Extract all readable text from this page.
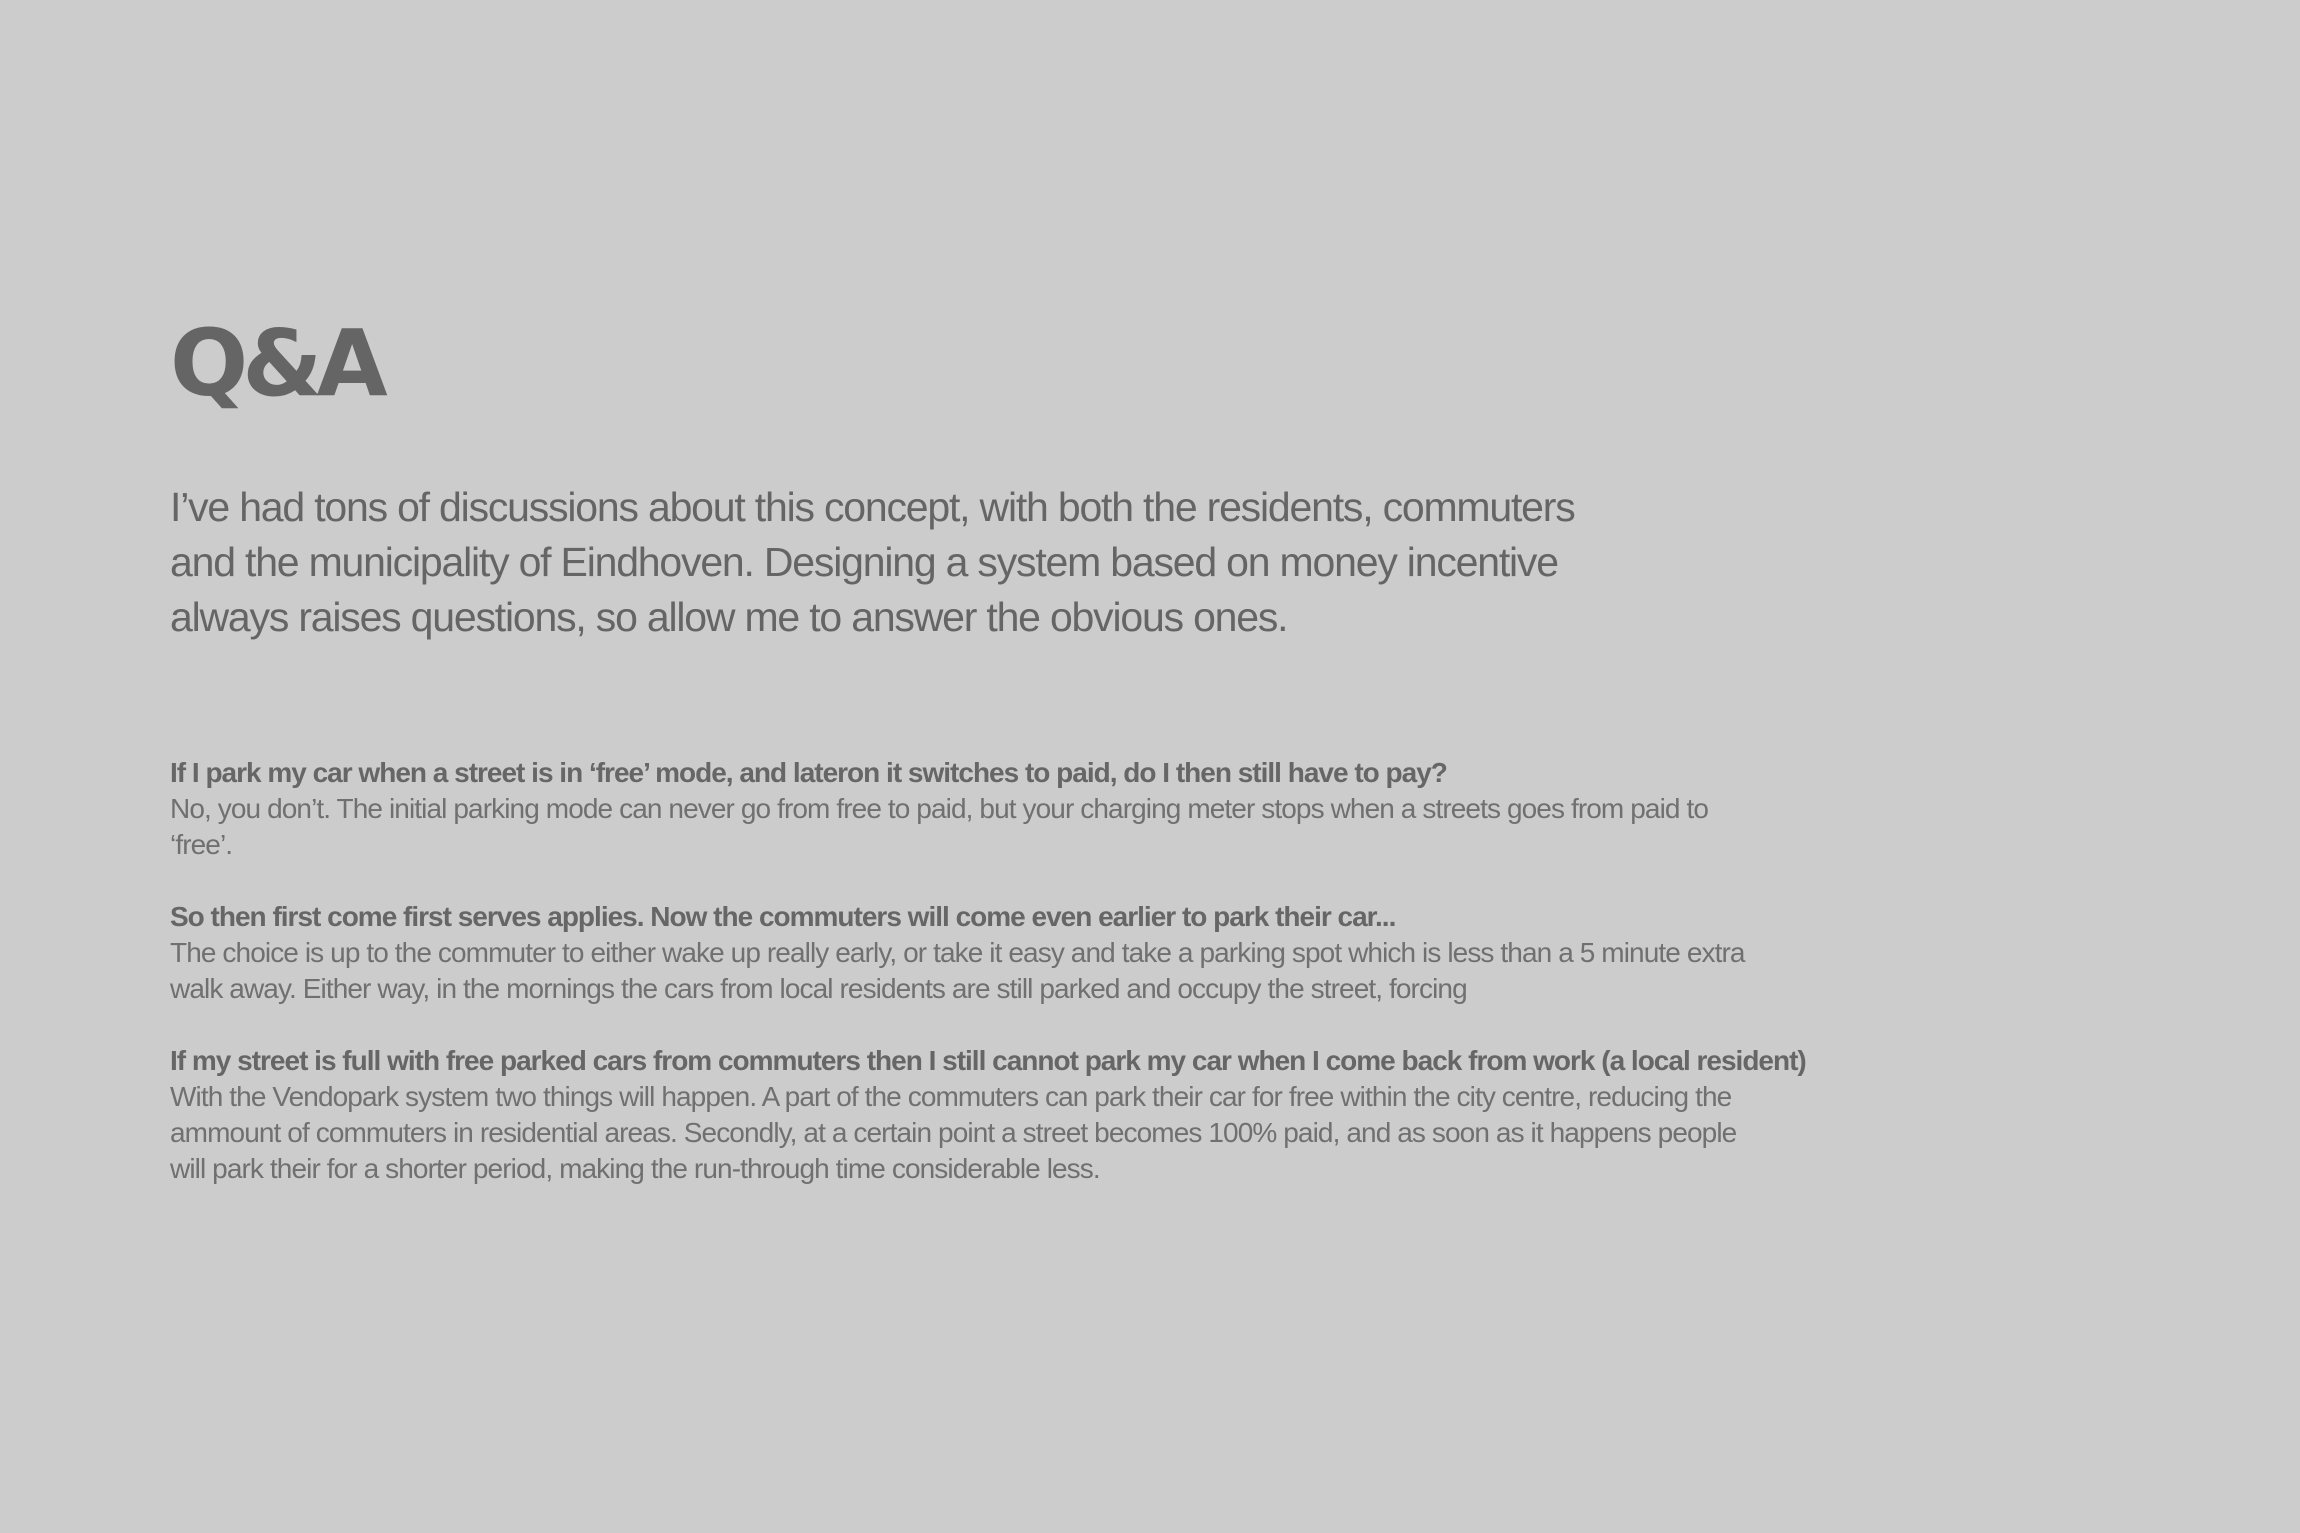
Q&A

I’ve had tons of discussions about this concept, with both the residents, commuters
and the municipality of Eindhoven. Designing a system based on money incentive
always raises questions, so allow me to answer the obvious ones.

If I park my car when a street is in ‘free’ mode, and lateron it switches to paid, do I then still have to pay?

No, you don’t. The initial parking mode can never go from free to paid, but your charging meter stops when a streets goes from paid to
‘free’.

So then first come first serves applies. Now the commuters will come even earlier to park their car...

The choice is up to the commuter to either wake up really early, or take it easy and take a parking spot which is less than a 5 minute extra
walk away. Either way, in the mornings the cars from local residents are still parked and occupy the street, forcing

If my street is full with free parked cars from commuters then I still cannot park my car when I come back from work (a local resident)

With the Vendopark system two things will happen. A part of the commuters can park their car for free within the city centre, reducing the
ammount of commuters in residential areas. Secondly, at a certain point a street becomes 100% paid, and as soon as it happens people
will park their for a shorter period, making the run-through time considerable less.
